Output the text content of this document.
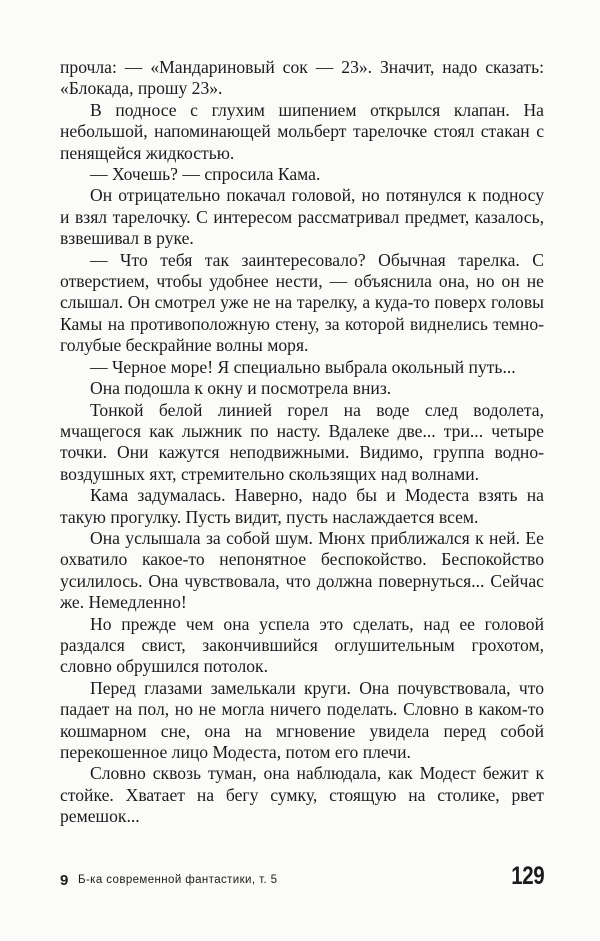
прочла: — «Мандариновый сок — 23». Значит, надо сказать: «Блокада, прошу 23».

В подносе с глухим шипением открылся клапан. На небольшой, напоминающей мольберт тарелочке стоял стакан с пенящейся жидкостью.

— Хочешь? — спросила Кама.

Он отрицательно покачал головой, но потянулся к подносу и взял тарелочку. С интересом рассматривал предмет, казалось, взвешивал в руке.

— Что тебя так заинтересовало? Обычная тарелка. С отверстием, чтобы удобнее нести, — объяснила она, но он не слышал. Он смотрел уже не на тарелку, а куда-то поверх головы Камы на противоположную стену, за которой виднелись темно-голубые бескрайние волны моря.

— Черное море! Я специально выбрала окольный путь...

Она подошла к окну и посмотрела вниз.

Тонкой белой линией горел на воде след водолета, мчащегося как лыжник по насту. Вдалеке две... три... четыре точки. Они кажутся неподвижными. Видимо, группа водно-воздушных яхт, стремительно скользящих над волнами.

Кама задумалась. Наверно, надо бы и Модеста взять на такую прогулку. Пусть видит, пусть наслаждается всем.

Она услышала за собой шум. Мюнх приближался к ней. Ее охватило какое-то непонятное беспокойство. Беспокойство усилилось. Она чувствовала, что должна повернуться... Сейчас же. Немедленно!

Но прежде чем она успела это сделать, над ее головой раздался свист, закончившийся оглушительным грохотом, словно обрушился потолок.

Перед глазами замелькали круги. Она почувствовала, что падает на пол, но не могла ничего поделать. Словно в каком-то кошмарном сне, она на мгновение увидела перед собой перекошенное лицо Модеста, потом его плечи.

Словно сквозь туман, она наблюдала, как Модест бежит к стойке. Хватает на бегу сумку, стоящую на столике, рвет ремешок...

9 Б-ка современной фантастики, т. 5	129
